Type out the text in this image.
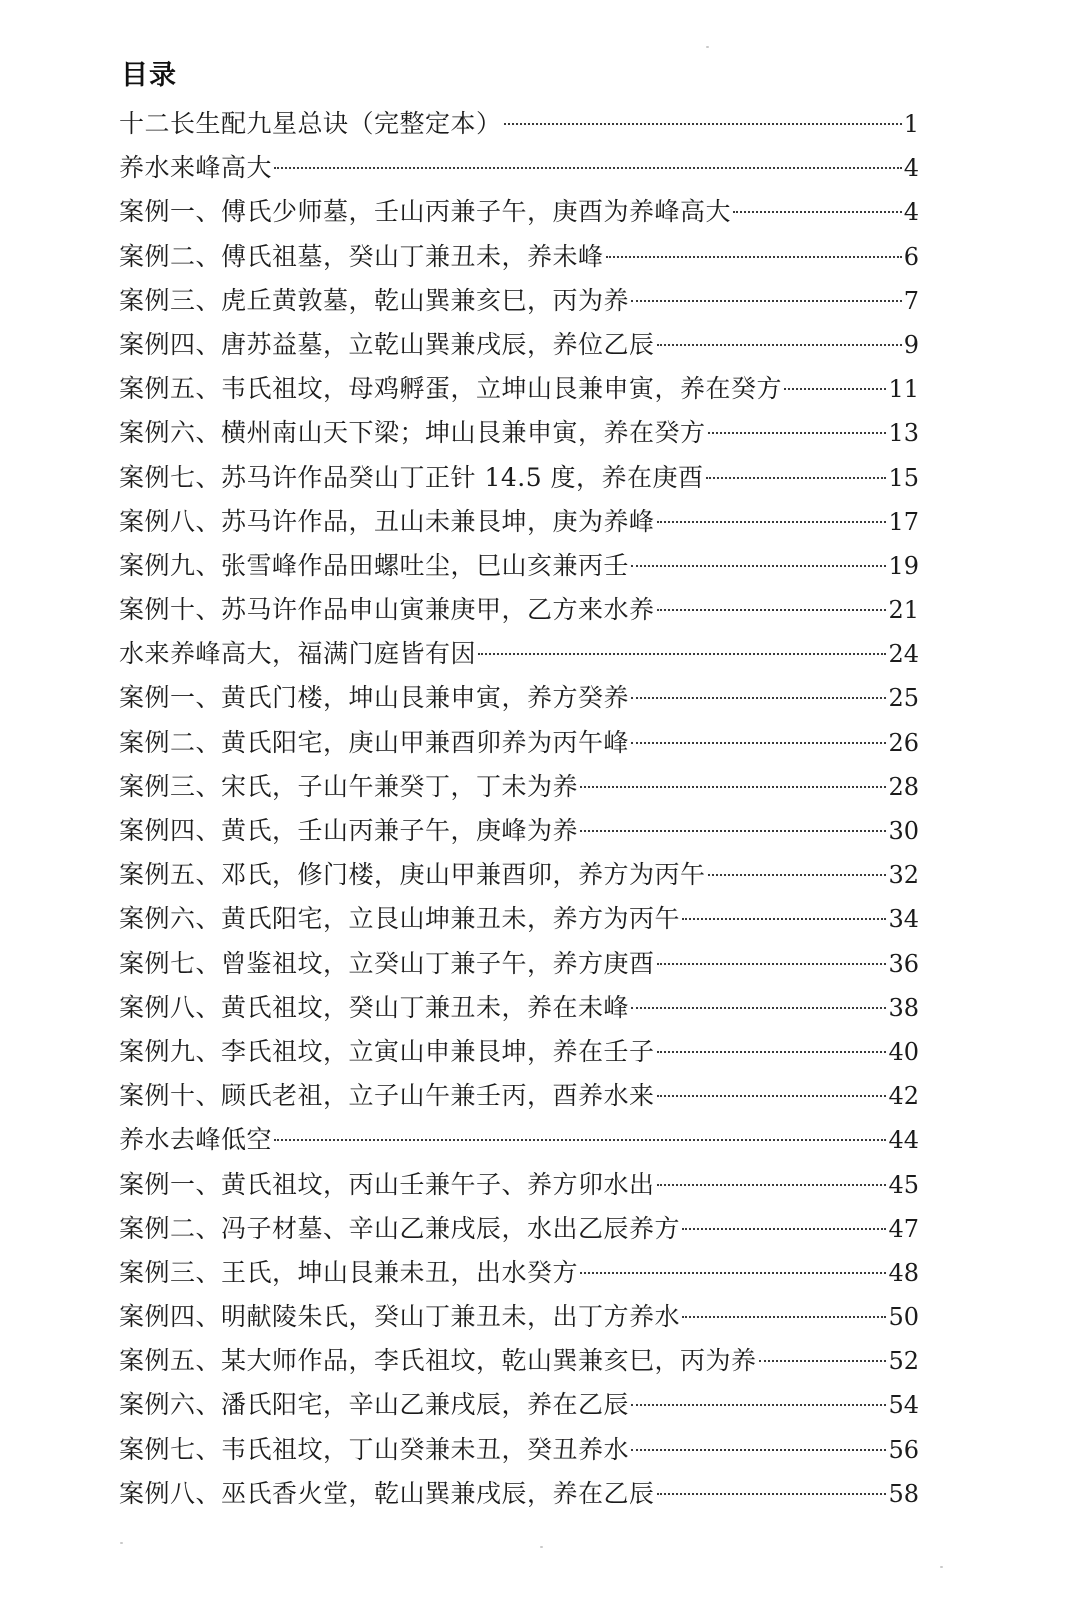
目录
十二长生配九星总诀（完整定本）	1
养水来峰高大	4
案例一、傅氏少师墓，壬山丙兼子午，庚酉为养峰高大	4
案例二、傅氏祖墓，癸山丁兼丑未，养未峰	6
案例三、虎丘黄敦墓，乾山巽兼亥巳，丙为养	7
案例四、唐苏益墓，立乾山巽兼戌辰，养位乙辰	9
案例五、韦氏祖坟，母鸡孵蛋，立坤山艮兼申寅，养在癸方	11
案例六、横州南山天下梁；坤山艮兼申寅，养在癸方	13
案例七、苏马许作品癸山丁正针 14.5 度，养在庚酉	15
案例八、苏马许作品，丑山未兼艮坤，庚为养峰	17
案例九、张雪峰作品田螺吐尘，巳山亥兼丙壬	19
案例十、苏马许作品申山寅兼庚甲，乙方来水养	21
水来养峰高大，福满门庭皆有因	24
案例一、黄氏门楼，坤山艮兼申寅，养方癸养	25
案例二、黄氏阳宅，庚山甲兼酉卯养为丙午峰	26
案例三、宋氏，子山午兼癸丁，丁未为养	28
案例四、黄氏，壬山丙兼子午，庚峰为养	30
案例五、邓氏，修门楼，庚山甲兼酉卯，养方为丙午	32
案例六、黄氏阳宅，立艮山坤兼丑未，养方为丙午	34
案例七、曾鉴祖坟，立癸山丁兼子午，养方庚酉	36
案例八、黄氏祖坟，癸山丁兼丑未，养在未峰	38
案例九、李氏祖坟，立寅山申兼艮坤，养在壬子	40
案例十、顾氏老祖，立子山午兼壬丙，酉养水来	42
养水去峰低空	44
案例一、黄氏祖坟，丙山壬兼午子、养方卯水出	45
案例二、冯子材墓、辛山乙兼戌辰，水出乙辰养方	47
案例三、王氏，坤山艮兼未丑，出水癸方	48
案例四、明献陵朱氏，癸山丁兼丑未，出丁方养水	50
案例五、某大师作品，李氏祖坟，乾山巽兼亥巳，丙为养	52
案例六、潘氏阳宅，辛山乙兼戌辰，养在乙辰	54
案例七、韦氏祖坟，丁山癸兼未丑，癸丑养水	56
案例八、巫氏香火堂，乾山巽兼戌辰，养在乙辰	58
